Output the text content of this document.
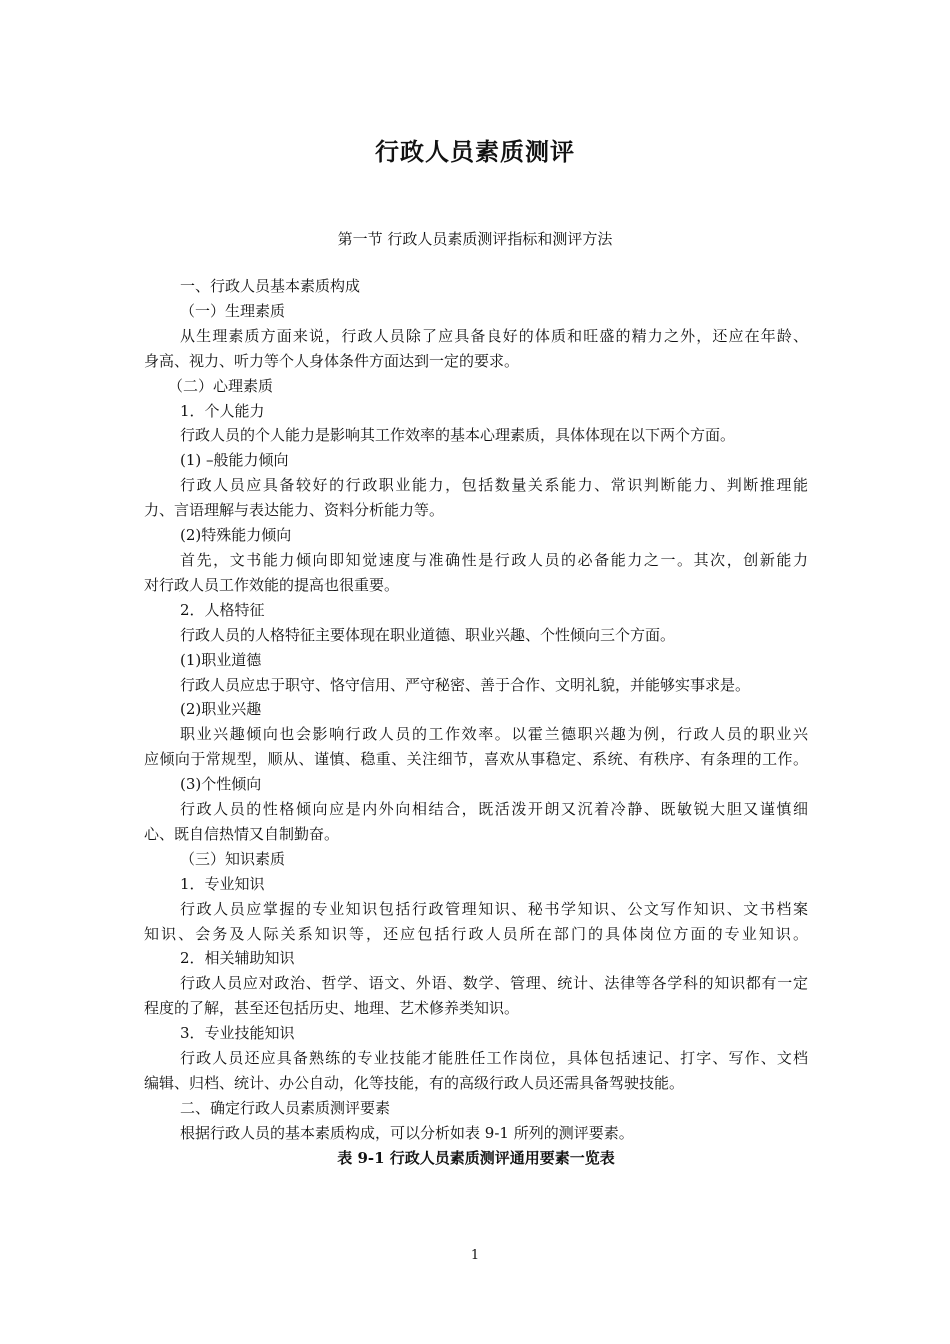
行政人员素质测评
第一节 行政人员素质测评指标和测评方法
一、行政人员基本素质构成
（一）生理素质
从生理素质方面来说，行政人员除了应具备良好的体质和旺盛的精力之外，还应在年龄、
身高、视力、听力等个人身体条件方面达到一定的要求。
（二）心理素质
1．个人能力
行政人员的个人能力是影响其工作效率的基本心理素质，具体体现在以下两个方面。
(1) –般能力倾向
行政人员应具备较好的行政职业能力，包括数量关系能力、常识判断能力、判断推理能
力、言语理解与表达能力、资料分析能力等。
(2)特殊能力倾向
首先，文书能力倾向即知觉速度与准确性是行政人员的必备能力之一。其次，创新能力
对行政人员工作效能的提高也很重要。
2．人格特征
行政人员的人格特征主要体现在职业道德、职业兴趣、个性倾向三个方面。
(1)职业道德
行政人员应忠于职守、恪守信用、严守秘密、善于合作、文明礼貌，并能够实事求是。
(2)职业兴趣
职业兴趣倾向也会影响行政人员的工作效率。以霍兰德职兴趣为例，行政人员的职业兴
应倾向于常规型，顺从、谨慎、稳重、关注细节，喜欢从事稳定、系统、有秩序、有条理的工作。
(3)个性倾向
行政人员的性格倾向应是内外向相结合，既活泼开朗又沉着冷静、既敏锐大胆又谨慎细
心、既自信热情又自制勤奋。
（三）知识素质
1．专业知识
行政人员应掌握的专业知识包括行政管理知识、秘书学知识、公文写作知识、文书档案
知识、会务及人际关系知识等，还应包括行政人员所在部门的具体岗位方面的专业知识。
2．相关辅助知识
行政人员应对政治、哲学、语文、外语、数学、管理、统计、法律等各学科的知识都有一定
程度的了解，甚至还包括历史、地理、艺术修养类知识。
3．专业技能知识
行政人员还应具备熟练的专业技能才能胜任工作岗位，具体包括速记、打字、写作、文档
编辑、归档、统计、办公自动，化等技能，有的高级行政人员还需具备驾驶技能。
二、确定行政人员素质测评要素
根据行政人员的基本素质构成，可以分析如表 9-1 所列的测评要素。
表 9-1 行政人员素质测评通用要素一览表
1
